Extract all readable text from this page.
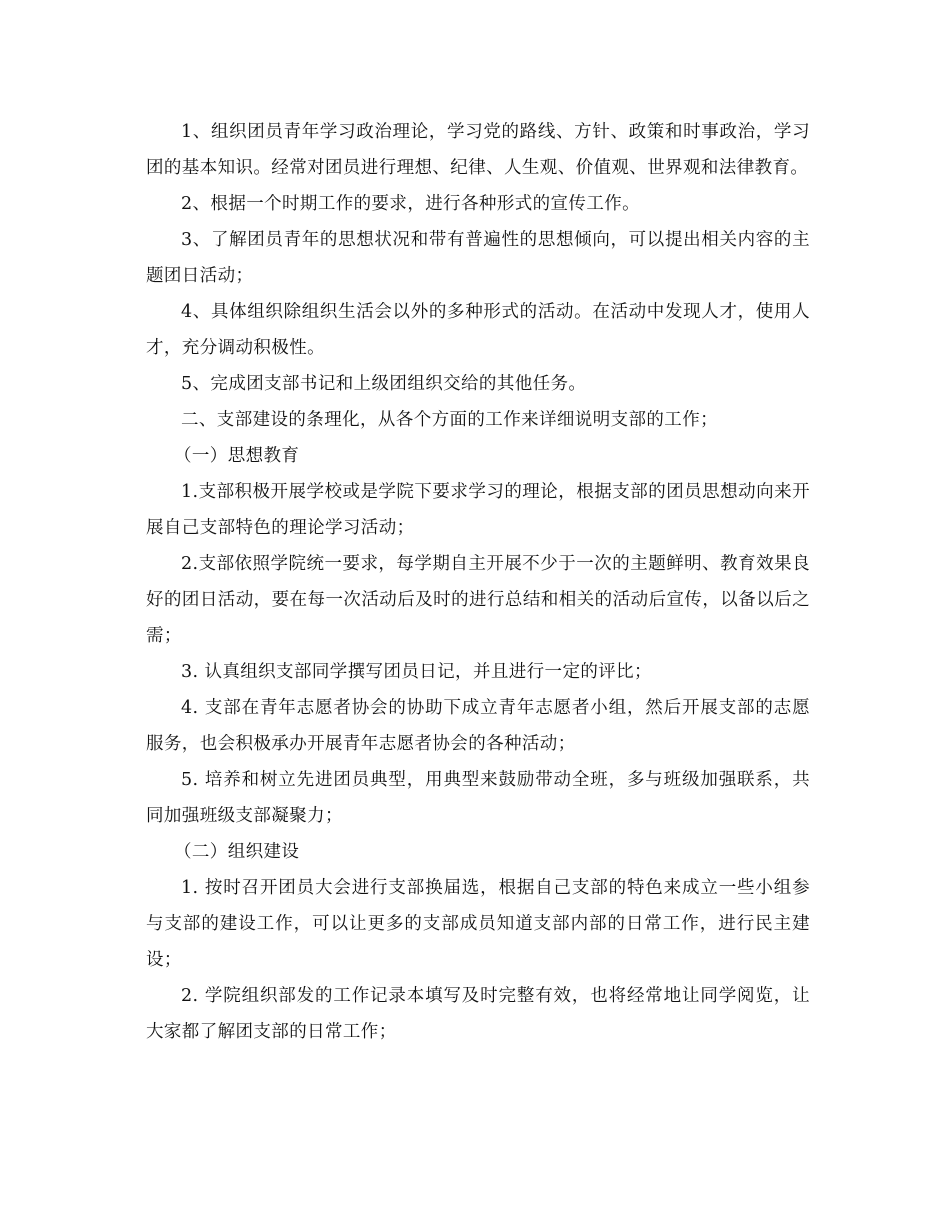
1、组织团员青年学习政治理论，学习党的路线、方针、政策和时事政治，学习团的基本知识。经常对团员进行理想、纪律、人生观、价值观、世界观和法律教育。

2、根据一个时期工作的要求，进行各种形式的宣传工作。

3、了解团员青年的思想状况和带有普遍性的思想倾向，可以提出相关内容的主题团日活动；

4、具体组织除组织生活会以外的多种形式的活动。在活动中发现人才，使用人才，充分调动积极性。

5、完成团支部书记和上级团组织交给的其他任务。

二、支部建设的条理化，从各个方面的工作来详细说明支部的工作；

（一）思想教育

1.支部积极开展学校或是学院下要求学习的理论，根据支部的团员思想动向来开展自己支部特色的理论学习活动；

2.支部依照学院统一要求，每学期自主开展不少于一次的主题鲜明、教育效果良好的团日活动，要在每一次活动后及时的进行总结和相关的活动后宣传，以备以后之需；

3. 认真组织支部同学撰写团员日记，并且进行一定的评比；

4. 支部在青年志愿者协会的协助下成立青年志愿者小组，然后开展支部的志愿服务，也会积极承办开展青年志愿者协会的各种活动；

5. 培养和树立先进团员典型，用典型来鼓励带动全班，多与班级加强联系，共 同加强班级支部凝聚力；

（二）组织建设

1. 按时召开团员大会进行支部换届选，根据自己支部的特色来成立一些小组参与支部的建设工作，可以让更多的支部成员知道支部内部的日常工作，进行民主建设；

2. 学院组织部发的工作记录本填写及时完整有效，也将经常地让同学阅览，让大家都了解团支部的日常工作；
